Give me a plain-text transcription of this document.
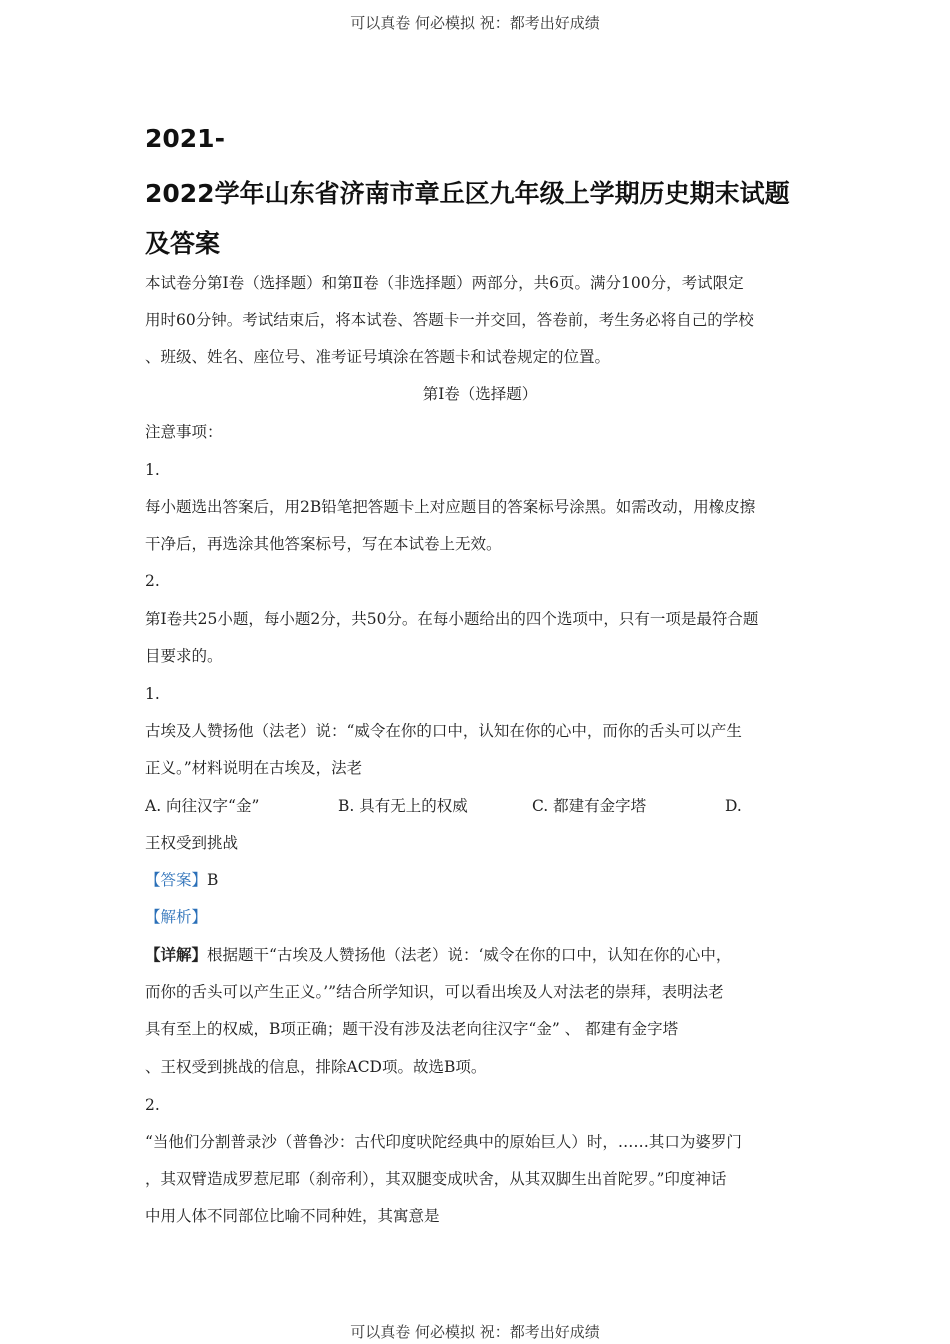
可以真卷 何必模拟 祝：都考出好成绩
2021-
2022学年山东省济南市章丘区九年级上学期历史期末试题
及答案
本试卷分第Ⅰ卷（选择题）和第Ⅱ卷（非选择题）两部分，共6页。满分100分，考试限定
用时60分钟。考试结束后，将本试卷、答题卡一并交回，答卷前，考生务必将自己的学校
、班级、姓名、座位号、准考证号填涂在答题卡和试卷规定的位置。
第Ⅰ卷（选择题）
注意事项：
1.
每小题选出答案后，用2B铅笔把答题卡上对应题目的答案标号涂黑。如需改动，用橡皮擦
干净后，再选涂其他答案标号，写在本试卷上无效。
2.
第Ⅰ卷共25小题，每小题2分，共50分。在每小题给出的四个选项中，只有一项是最符合题
目要求的。
1.
古埃及人赞扬他（法老）说：“威令在你的口中，认知在你的心中，而你的舌头可以产生
正义。”材料说明在古埃及，法老
A. 向往汉字“金”	B. 具有无上的权威	C. 都建有金字塔	D.
王权受到挑战
【答案】B
【解析】
【详解】根据题干“古埃及人赞扬他（法老）说：‘威令在你的口中，认知在你的心中，
而你的舌头可以产生正义。’”结合所学知识，可以看出埃及人对法老的崇拜，表明法老
具有至上的权威，B项正确；题干没有涉及法老向往汉字“金” 、 都建有金字塔
、王权受到挑战的信息，排除ACD项。故选B项。
2.
“当他们分割普录沙（普鲁沙：古代印度吠陀经典中的原始巨人）时，……其口为婆罗门
，其双臂造成罗惹尼耶（刹帝利），其双腿变成吠舍，从其双脚生出首陀罗。”印度神话
中用人体不同部位比喻不同种姓，其寓意是
可以真卷 何必模拟 祝：都考出好成绩
